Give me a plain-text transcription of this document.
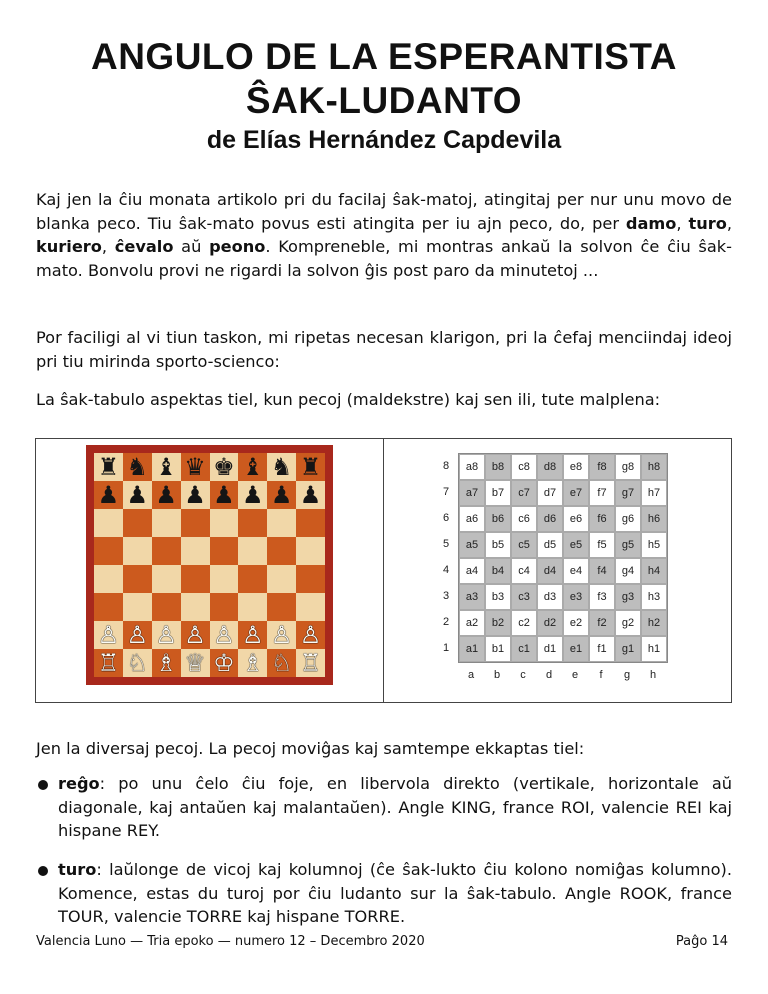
ANGULO DE LA ESPERANTISTA
ŜAK-LUDANTO
de Elías Hernández Capdevila

Kaj jen la ĉiu monata artikolo pri du facilaj ŝak-matoj, atingitaj per nur unu movo de blanka peco. Tiu ŝak-mato povus esti atingita per iu ajn peco, do, per damo, turo, kuriero, ĉevalo aŭ peono. Kompreneble, mi montras ankaŭ la solvon ĉe ĉiu ŝak-mato. Bonvolu provi ne rigardi la solvon ĝis post paro da minutetoj ...

Por faciligi al vi tiun taskon, mi ripetas necesan klarigon, pri la ĉefaj menciindaj ideoj pri tiu mirinda sporto-scienco:

La ŝak-tabulo aspektas tiel, kun pecoj (maldekstre) kaj sen ili, tute malplena:

♜ ♞ ♝ ♛ ♚ ♝ ♞ ♜
♟ ♟ ♟ ♟ ♟ ♟ ♟ ♟
♙ ♙ ♙ ♙ ♙ ♙ ♙ ♙
♖ ♘ ♗ ♕ ♔ ♗ ♘ ♖
8
7
6
5
4
3
2
1
a8	b8	c8	d8	e8	f8	g8	h8
a7	b7	c7	d7	e7	f7	g7	h7
a6	b6	c6	d6	e6	f6	g6	h6
a5	b5	c5	d5	e5	f5	g5	h5
a4	b4	c4	d4	e4	f4	g4	h4
a3	b3	c3	d3	e3	f3	g3	h3
a2	b2	c2	d2	e2	f2	g2	h2
a1	b1	c1	d1	e1	f1	g1	h1
a	b	c	d	e	f	g	h

Jen la diversaj pecoj. La pecoj moviĝas kaj samtempe ekkaptas tiel:

reĝo: po unu ĉelo ĉiu foje, en libervola direkto (vertikale, horizontale aŭ diagonale, kaj antaŭen kaj malantaŭen). Angle KING, france ROI, valencie REI kaj hispane REY.
turo: laŭlonge de vicoj kaj kolumnoj (ĉe ŝak-lukto ĉiu kolono nomiĝas kolumno). Komence, estas du turoj por ĉiu ludanto sur la ŝak-tabulo. Angle ROOK, france TOUR, valencie TORRE kaj hispane TORRE.
Valencia Luno — Tria epoko — numero 12 – Decembro 2020	Paĝo 14
